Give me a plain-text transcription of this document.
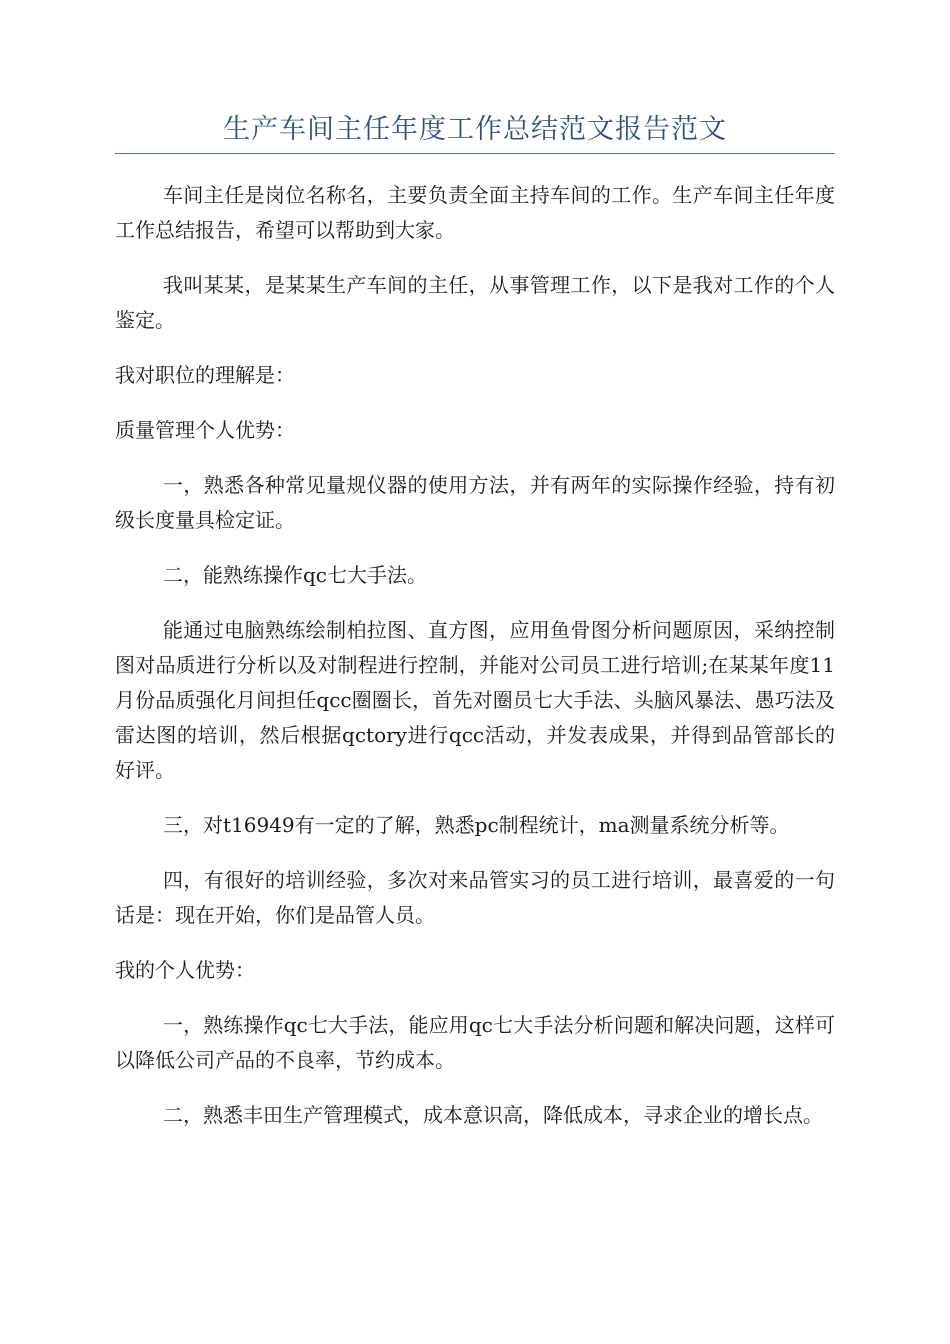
生产车间主任年度工作总结范文报告范文

车间主任是岗位名称名，主要负责全面主持车间的工作。生产车间主任年度工作总结报告，希望可以帮助到大家。

我叫某某，是某某生产车间的主任，从事管理工作，以下是我对工作的个人鉴定。

我对职位的理解是：

质量管理个人优势：

一，熟悉各种常见量规仪器的使用方法，并有两年的实际操作经验，持有初级长度量具检定证。

二，能熟练操作qc七大手法。

能通过电脑熟练绘制柏拉图、直方图，应用鱼骨图分析问题原因，采纳控制图对品质进行分析以及对制程进行控制，并能对公司员工进行培训;在某某年度11月份品质强化月间担任qcc圈圈长，首先对圈员七大手法、头脑风暴法、愚巧法及雷达图的培训，然后根据qctory进行qcc活动，并发表成果，并得到品管部长的好评。

三，对t16949有一定的了解，熟悉pc制程统计，ma测量系统分析等。

四，有很好的培训经验，多次对来品管实习的员工进行培训，最喜爱的一句话是：现在开始，你们是品管人员。

我的个人优势：

一，熟练操作qc七大手法，能应用qc七大手法分析问题和解决问题，这样可以降低公司产品的不良率，节约成本。

二，熟悉丰田生产管理模式，成本意识高，降低成本，寻求企业的增长点。
